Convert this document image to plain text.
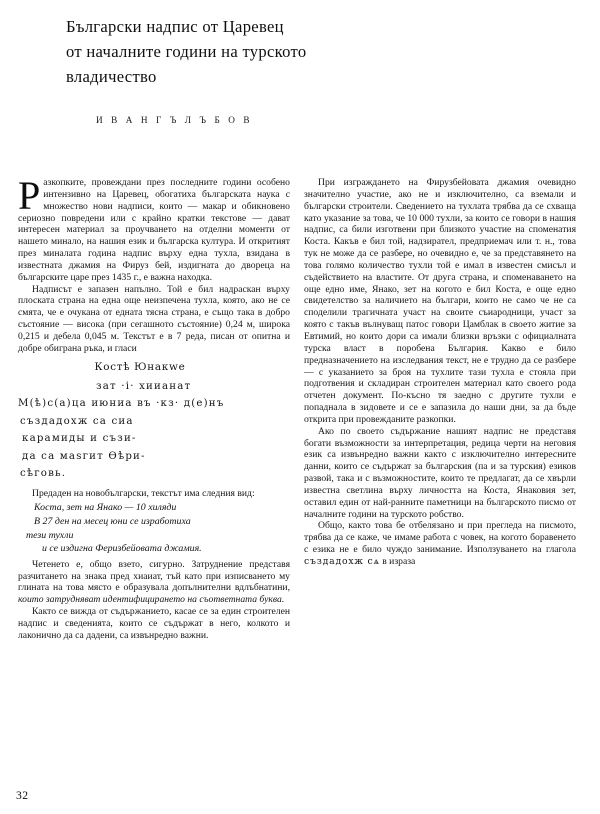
Български надпис от Царевец
от началните години на турското
владичество
И В А Н Г Ъ Л Ъ Б О В

Разкопките, провеждани през последните години особено интензивно на Царевец, обогатиха българската наука с множество нови надписи, които — макар и обикновено сериозно повредени или с крайно кратки текстове — дават интересен материал за проучването на отделни моменти от нашето минало, на нашия език и българска култура. И откритият през миналата година надпис върху една тухла, взидана в известната джамия на Фируз бей, издигната до двореца на българските царе през 1435 г., е важна находка.

Надписът е запазен напълно. Той е бил надраскан върху плоската страна на една още неизпечена тухла, която, ако не се смята, че е очукана от едната тясна страна, е също така в добро състояние — висока (при сегашното състояние) 0,24 м, широка 0,215 и дебела 0,045 м. Текстът е в 7 реда, писан от опитна и добре обиграна ръка, и гласи

Костѣ Юнакwе
зат ·і· хиианат
М(ѣ)с(а)ца июниа въ ·кз· д(е)нъ
създадохж са сиа
карамиды и съзи-
да са маѕгит Ѳѣри-
сѣговь.

Предаден на новобългарски, текстът има следния вид:

Коста, зет на Янако — 10 хиляди
В 27 ден на месец юни се изработиха
тези тухли
и се издигна Феризбейовата джамия.

Четенето е, общо взето, сигурно. Затруднение представя разчитането на знака пред хиаиат, тъй като при изписването му глината на това място е образувала допълнителни вдлъбнатини, които затрудняват идентифицирането на съответната буква.

Както се вижда от съдържанието, касае се за един строителен надпис и сведенията, които се съдържат в него, колкото и лаконично да са дадени, са извънредно важни.

При изграждането на Фирузбейовата джамия очевидно значително участие, ако не и изключително, са вземали и български строители. Сведението на тухлата трябва да се схваща като указание за това, че 10 000 тухли, за които се говори в нашия надпис, са били изготвени при близкото участие на споменатия Коста. Какъв е бил той, надзирател, предприемач или т. н., това тук не може да се разбере, но очевидно е, че за представянето на това голямо количество тухли той е имал в известен смисъл и съдействието на властите. От друга страна, и споменаването на още едно име, Янако, зет на когото е бил Коста, е още едно свидетелство за наличието на българи, които не само че не са споделили трагичната участ на своите съиародници, участ за която с такъв вълнуващ патос говори Цамблак в своето житие за Евтимий, но които дори са имали близки връзки с официалната турска власт в поробена България. Какво е било предназначението на изследвания текст, не е трудно да се разбере — с указанието за броя на тухлите тази тухла е стояла при подготвения и складиран строителен материал като своего рода отчетен документ. По-късно тя заедно с другите тухли е попаднала в зидовете и се е запазила до наши дни, за да бъде открита при провежданите разкопки.

Ако по своето съдържание нашият надпис не представя богати възможности за интерпретация, редица черти на неговия език са извънредно важни както с изключително интересните данни, които се съдържат за българския (па и за турския) езиков развой, така и с възможностите, които те предлагат, да се хвърли известна светлина върху личността на Коста, Янаковия зет, оставил един от най-ранните паметници на българското писмо от началните години на турското робство.

Общо, както това бе отбелязано и при прегледа на писмото, трябва да се каже, че имаме работа с човек, на когото боравенето с езика не е било чуждо занимание. Използуването на глагола създадохж сѧ в израза

32
